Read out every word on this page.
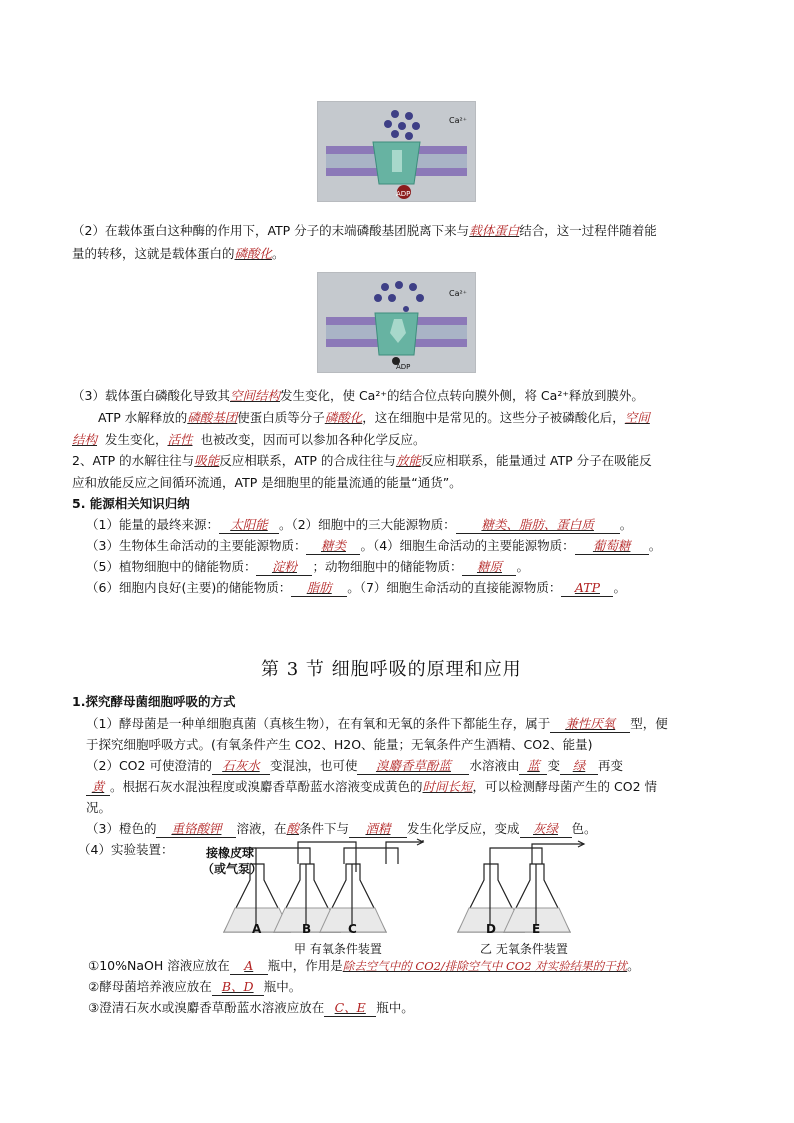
Ca²⁺
ADP
（2）在载体蛋白这种酶的作用下，ATP 分子的末端磷酸基团脱离下来与载体蛋白结合，这一过程伴随着能
量的转移，这就是载体蛋白的磷酸化。
Ca²⁺
ADP
（3）载体蛋白磷酸化导致其空间结构发生变化，使 Ca²⁺的结合位点转向膜外侧，将 Ca²⁺释放到膜外。
ATP 水解释放的磷酸基团使蛋白质等分子磷酸化，这在细胞中是常见的。这些分子被磷酸化后，空间
结构 发生变化，活性 也被改变，因而可以参加各种化学反应。
2、ATP 的水解往往与吸能反应相联系，ATP 的合成往往与放能反应相联系，能量通过 ATP 分子在吸能反
应和放能反应之间循环流通，ATP 是细胞里的能量流通的能量“通货”。
5. 能源相关知识归纳
（1）能量的最终来源： 太阳能 。（2）细胞中的三大能源物质： 糖类、脂肪、蛋白质 。
（3）生物体生命活动的主要能源物质： 糖类 。（4）细胞生命活动的主要能源物质： 葡萄糖 。
（5）植物细胞中的储能物质： 淀粉 ；动物细胞中的储能物质： 糖原 。
（6）细胞内良好(主要)的储能物质： 脂肪 。（7）细胞生命活动的直接能源物质： ATP 。
第 3 节 细胞呼吸的原理和应用
1.探究酵母菌细胞呼吸的方式
（1）酵母菌是一种单细胞真菌（真核生物），在有氧和无氧的条件下都能生存，属于 兼性厌氧 型，便
于探究细胞呼吸方式。(有氧条件产生 CO2、H2O、能量；无氧条件产生酒精、CO2、能量)
（2）CO2 可使澄清的 石灰水 变混浊，也可使 溴麝香草酚蓝 水溶液由 蓝 变 绿 再变
黄 。根据石灰水混浊程度或溴麝香草酚蓝水溶液变成黄色的时间长短，可以检测酵母菌产生的 CO2 情
况。
（3）橙色的 重铬酸钾 溶液，在酸条件下与 酒精 发生化学反应，变成 灰绿 色。
（4）实验装置：	接橡皮球
（或气泵）
A	B	C	D	E
甲 有氧条件装置	乙 无氧条件装置
①10%NaOH 溶液应放在 A 瓶中，作用是除去空气中的 CO2/排除空气中 CO2 对实验结果的干扰。
②酵母菌培养液应放在 B、D 瓶中。
③澄清石灰水或溴麝香草酚蓝水溶液应放在 C、E 瓶中。
